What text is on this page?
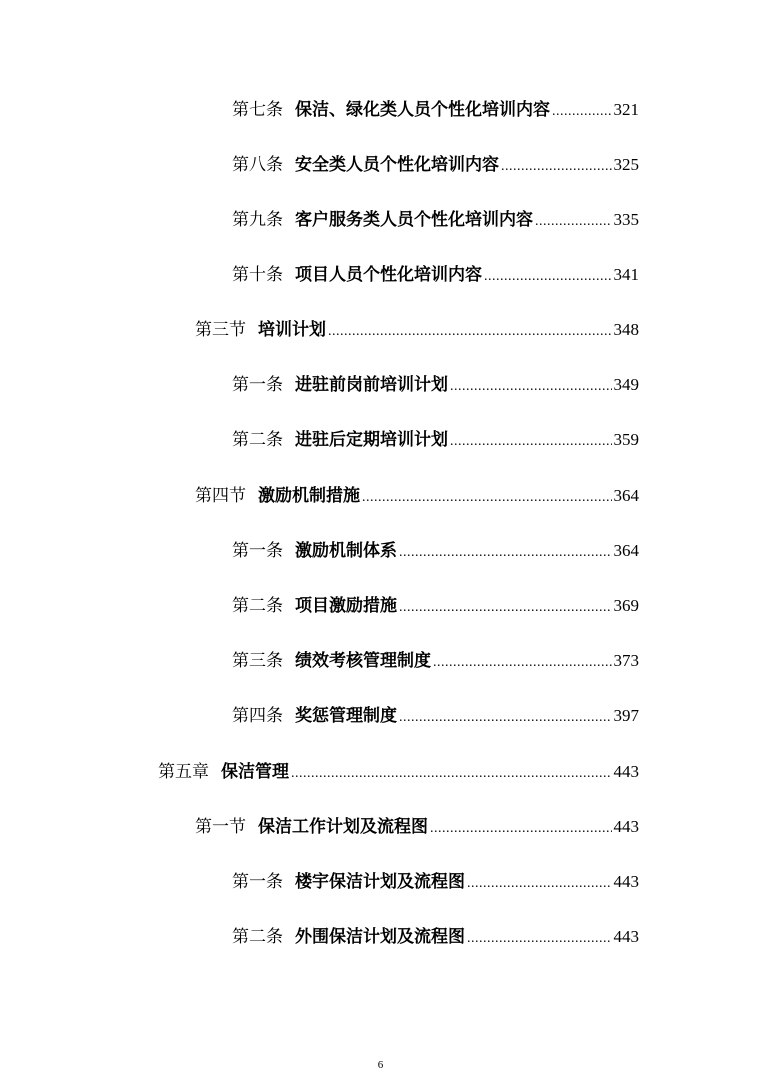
第七条 保洁、绿化类人员个性化培训内容 .....	321
第八条 安全类人员个性化培训内容 .....	325
第九条 客户服务类人员个性化培训内容 .....	335
第十条 项目人员个性化培训内容 .....	341
第三节 培训计划 .....	348
第一条 进驻前岗前培训计划 .....	349
第二条 进驻后定期培训计划 .....	359
第四节 激励机制措施 .....	364
第一条 激励机制体系 .....	364
第二条 项目激励措施 .....	369
第三条 绩效考核管理制度 .....	373
第四条 奖惩管理制度 .....	397
第五章 保洁管理 .....	443
第一节 保洁工作计划及流程图 .....	443
第一条 楼宇保洁计划及流程图 .....	443
第二条 外围保洁计划及流程图 .....	443
6
